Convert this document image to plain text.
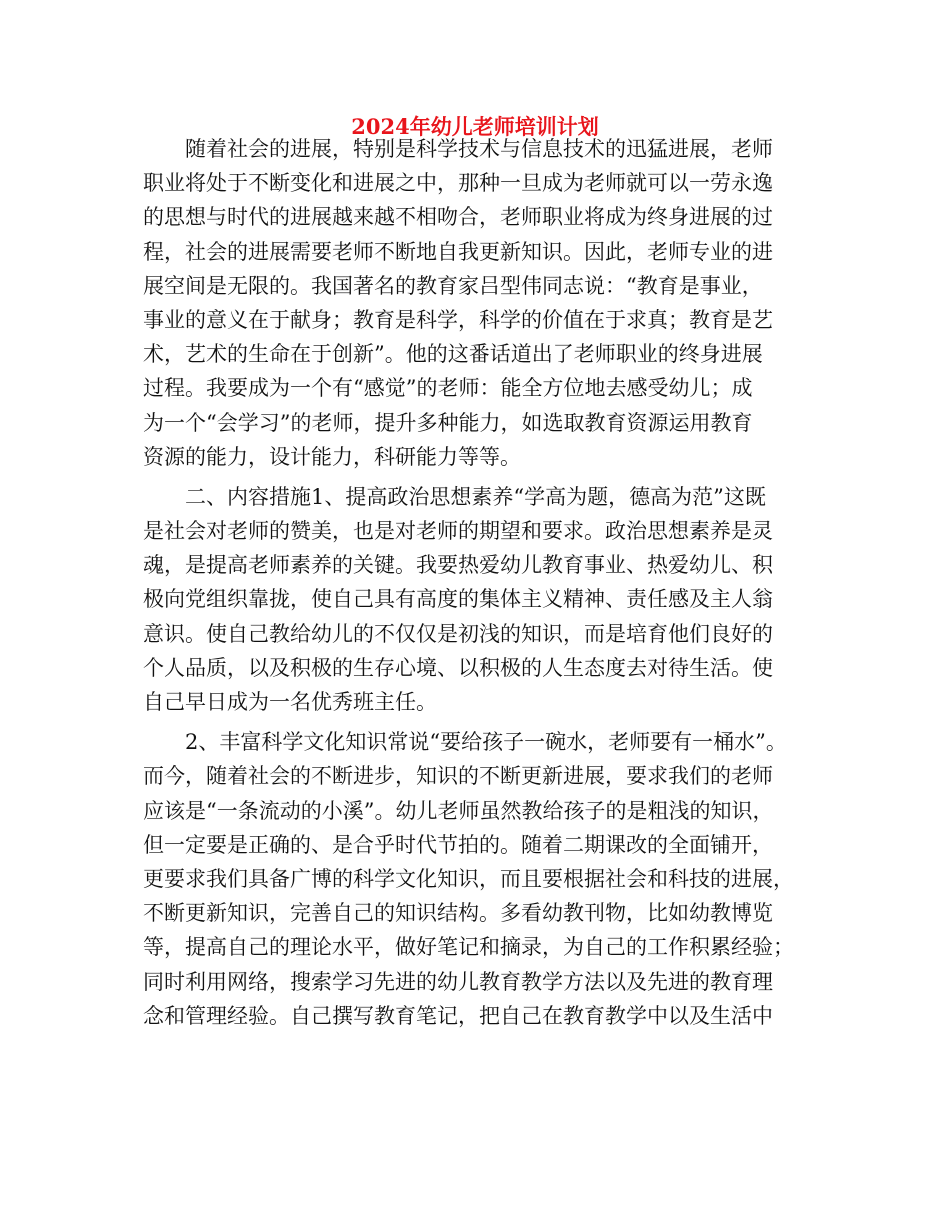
2024年幼儿老师培训计划
随着社会的进展，特别是科学技术与信息技术的迅猛进展，老师
职业将处于不断变化和进展之中，那种一旦成为老师就可以一劳永逸
的思想与时代的进展越来越不相吻合，老师职业将成为终身进展的过
程，社会的进展需要老师不断地自我更新知识。因此，老师专业的进
展空间是无限的。我国著名的教育家吕型伟同志说：“教育是事业，
事业的意义在于献身；教育是科学，科学的价值在于求真；教育是艺
术，艺术的生命在于创新”。他的这番话道出了老师职业的终身进展
过程。我要成为一个有“感觉”的老师：能全方位地去感受幼儿；成
为一个“会学习”的老师，提升多种能力，如选取教育资源运用教育
资源的能力，设计能力，科研能力等等。
二、内容措施1、提高政治思想素养“学高为题，德高为范”这既
是社会对老师的赞美，也是对老师的期望和要求。政治思想素养是灵
魂，是提高老师素养的关键。我要热爱幼儿教育事业、热爱幼儿、积
极向党组织靠拢，使自己具有高度的集体主义精神、责任感及主人翁
意识。使自己教给幼儿的不仅仅是初浅的知识，而是培育他们良好的
个人品质，以及积极的生存心境、以积极的人生态度去对待生活。使
自己早日成为一名优秀班主任。
2、丰富科学文化知识常说“要给孩子一碗水，老师要有一桶水”。
而今，随着社会的不断进步，知识的不断更新进展，要求我们的老师
应该是“一条流动的小溪”。幼儿老师虽然教给孩子的是粗浅的知识，
但一定要是正确的、是合乎时代节拍的。随着二期课改的全面铺开，
更要求我们具备广博的科学文化知识，而且要根据社会和科技的进展，
不断更新知识，完善自己的知识结构。多看幼教刊物，比如幼教博览
等，提高自己的理论水平，做好笔记和摘录，为自己的工作积累经验；
同时利用网络，搜索学习先进的幼儿教育教学方法以及先进的教育理
念和管理经验。自己撰写教育笔记，把自己在教育教学中以及生活中
